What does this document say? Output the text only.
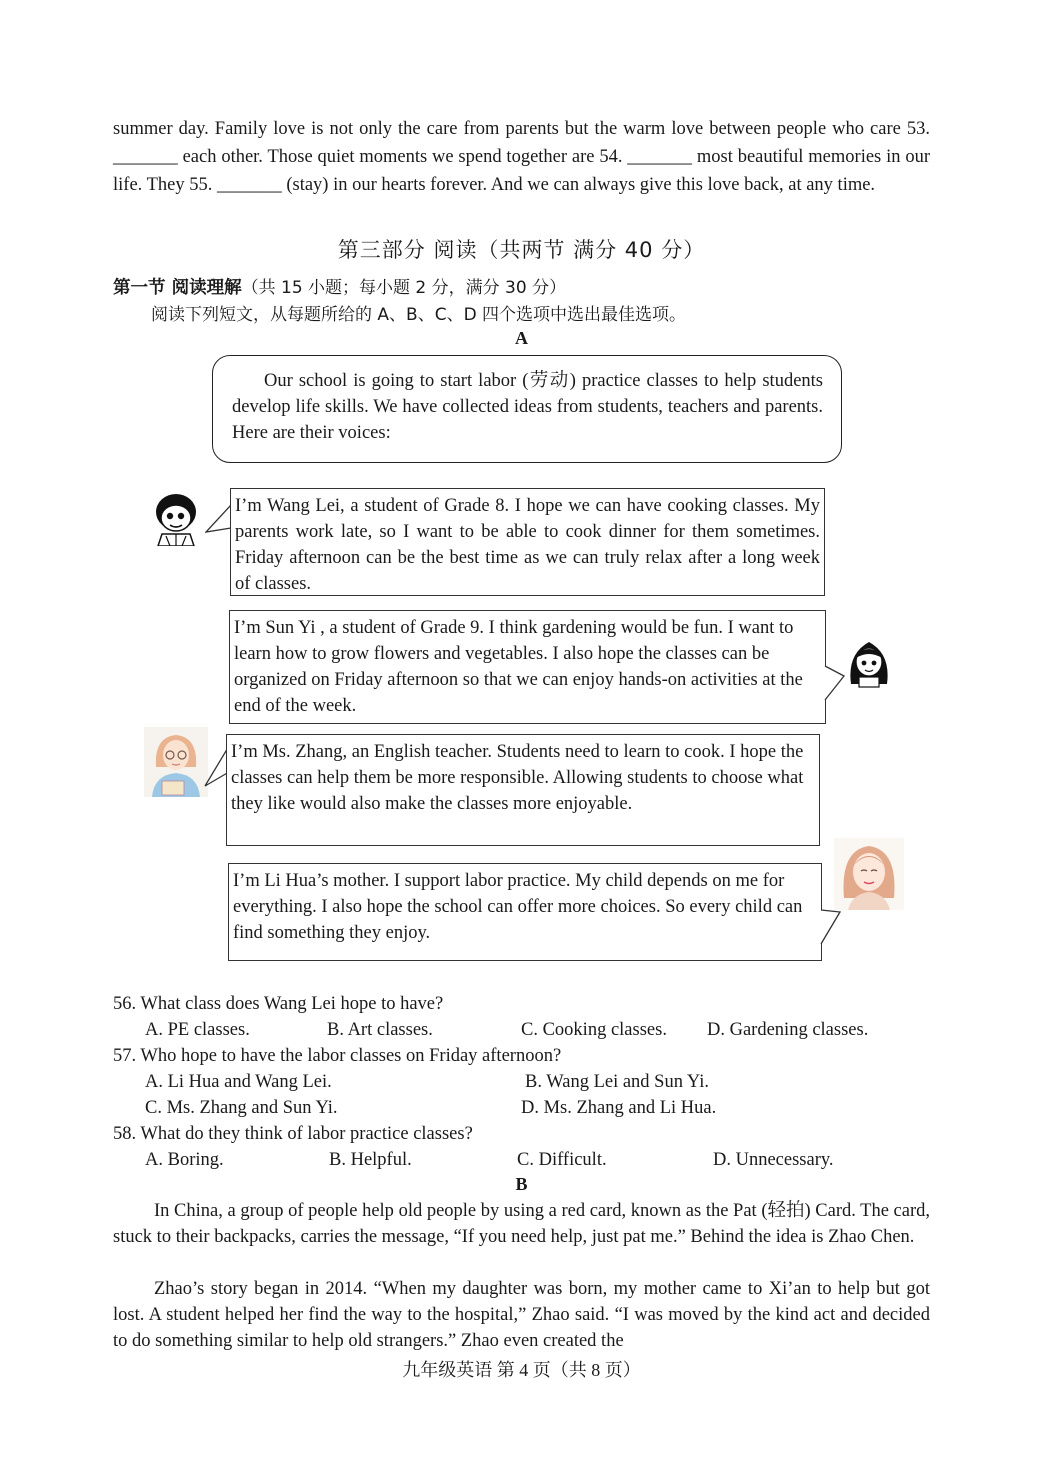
summer day. Family love is not only the care from parents but the warm love between people who care 53. _______ each other. Those quiet moments we spend together are 54. _______ most beautiful memories in our life. They 55. _______ (stay) in our hearts forever. And we can always give this love back, at any time.

第三部分 阅读（共两节 满分 40 分）
第一节 阅读理解（共 15 小题；每小题 2 分，满分 30 分）
阅读下列短文，从每题所给的 A、B、C、D 四个选项中选出最佳选项。
A
Our school is going to start labor (劳动) practice classes to help students develop life skills. We have collected ideas from students, teachers and parents. Here are their voices:
I’m Wang Lei, a student of Grade 8. I hope we can have cooking classes. My parents work late, so I want to be able to cook dinner for them sometimes. Friday afternoon can be the best time as we can truly relax after a long week of classes.
I’m Sun Yi , a student of Grade 9. I think gardening would be fun. I want to learn how to grow flowers and vegetables. I also hope the classes can be organized on Friday afternoon so that we can enjoy hands-on activities at the end of the week.
I’m Ms. Zhang, an English teacher. Students need to learn to cook. I hope the classes can help them be more responsible. Allowing students to choose what they like would also make the classes more enjoyable.
I’m Li Hua’s mother. I support labor practice. My child depends on me for everything. I also hope the school can offer more choices. So every child can find something they enjoy.
56. What class does Wang Lei hope to have?
A. PE classes.	B. Art classes.	C. Cooking classes. D. Gardening classes.
57. Who hope to have the labor classes on Friday afternoon?
A. Li Hua and Wang Lei.	B. Wang Lei and Sun Yi.
C. Ms. Zhang and Sun Yi.	D. Ms. Zhang and Li Hua.
58. What do they think of labor practice classes?
A. Boring.	B. Helpful.	C. Difficult.	D. Unnecessary.
B

In China, a group of people help old people by using a red card, known as the Pat (轻拍) Card. The card, stuck to their backpacks, carries the message, “If you need help, just pat me.” Behind the idea is Zhao Chen.

Zhao’s story began in 2014. “When my daughter was born, my mother came to Xi’an to help but got lost. A student helped her find the way to the hospital,” Zhao said. “I was moved by the kind act and decided to do something similar to help old strangers.” Zhao even created the

九年级英语 第 4 页（共 8 页）
